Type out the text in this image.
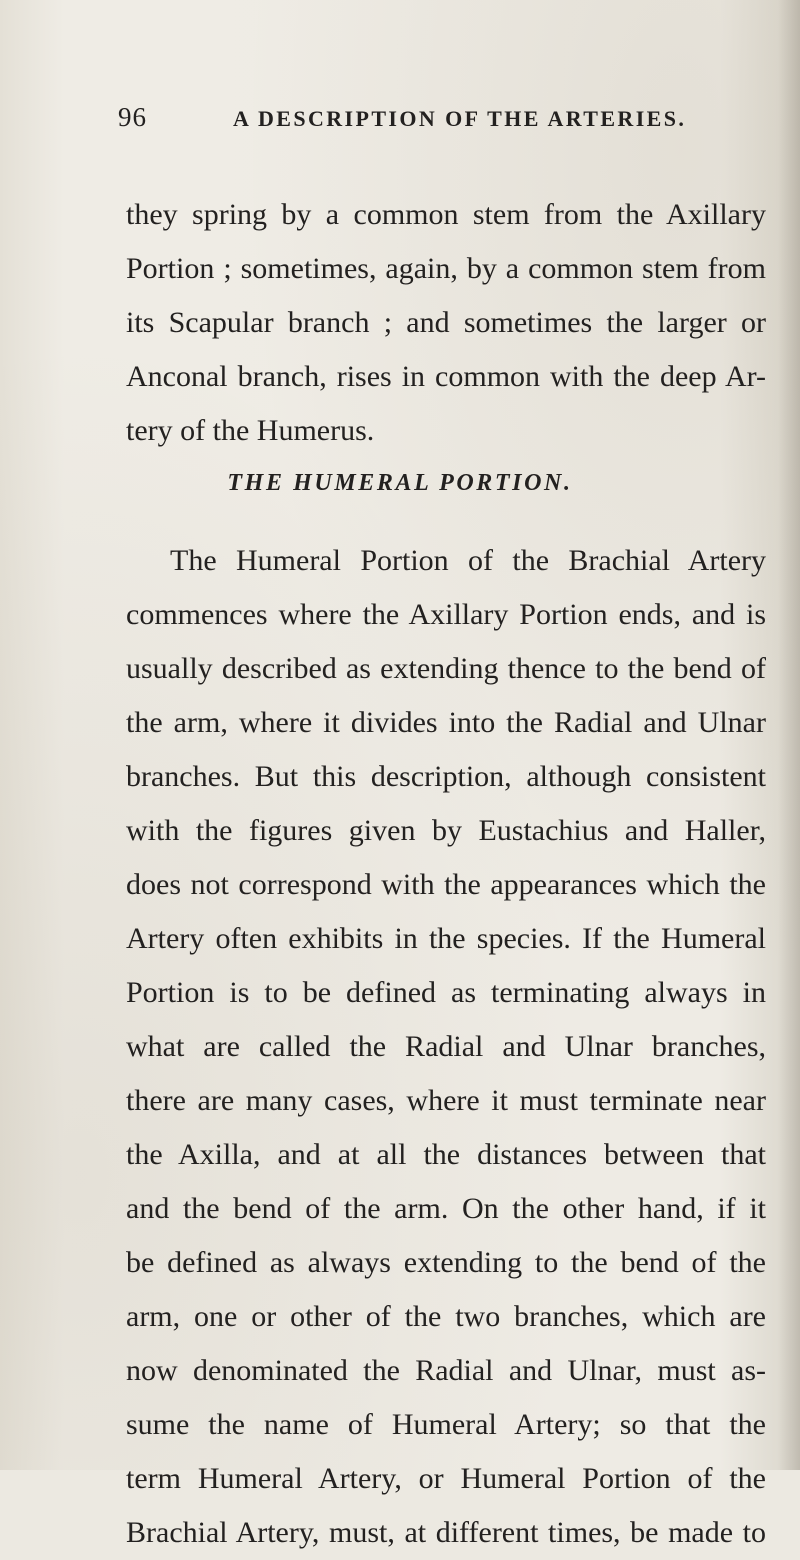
96	A DESCRIPTION OF THE ARTERIES.
they spring by a common stem from the Axillary
Portion ; sometimes, again, by a common stem from
its Scapular branch ; and sometimes the larger or
Anconal branch, rises in common with the deep Ar-
tery of the Humerus.
THE HUMERAL PORTION.
The Humeral Portion of the Brachial Artery
commences where the Axillary Portion ends, and is
usually described as extending thence to the bend of
the arm, where it divides into the Radial and Ulnar
branches. But this description, although consistent
with the figures given by Eustachius and Haller,
does not correspond with the appearances which the
Artery often exhibits in the species. If the Humeral
Portion is to be defined as terminating always in
what are called the Radial and Ulnar branches,
there are many cases, where it must terminate near
the Axilla, and at all the distances between that
and the bend of the arm. On the other hand, if it
be defined as always extending to the bend of the
arm, one or other of the two branches, which are
now denominated the Radial and Ulnar, must as-
sume the name of Humeral Artery; so that the
term Humeral Artery, or Humeral Portion of the
Brachial Artery, must, at different times, be made to
